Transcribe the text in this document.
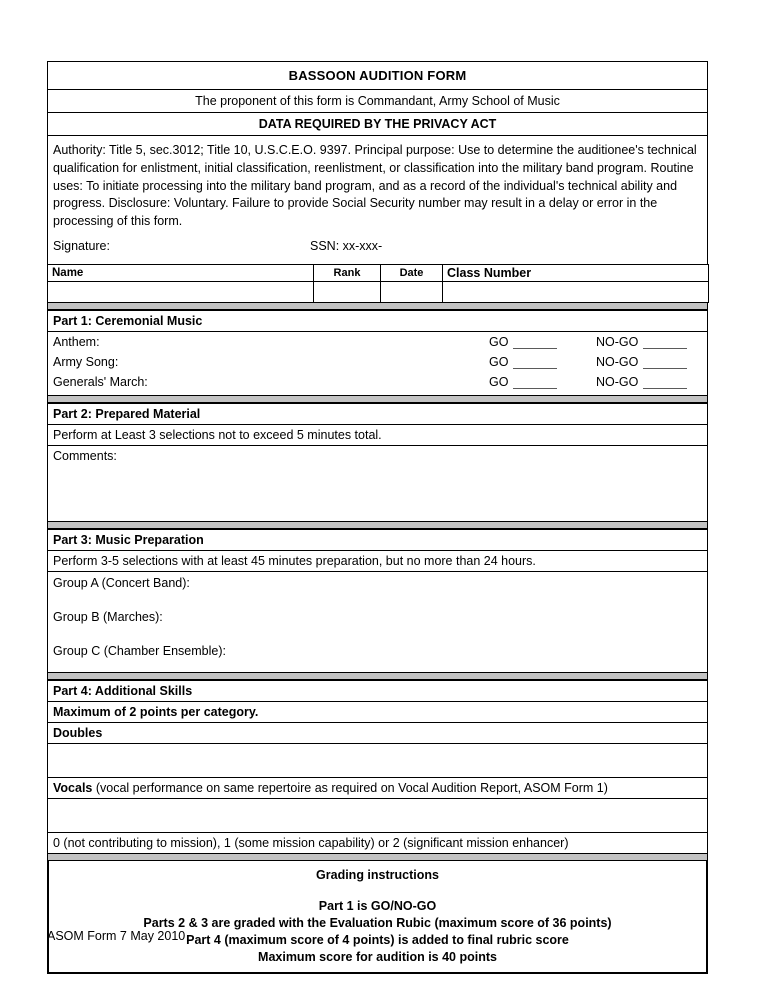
BASSOON AUDITION FORM

The proponent of this form is Commandant, Army School of Music

DATA REQUIRED BY THE PRIVACY ACT

Authority: Title 5, sec.3012; Title 10, U.S.C.E.O. 9397. Principal purpose: Use to determine the auditionee's technical qualification for enlistment, initial classification, reenlistment, or classification into the military band program. Routine uses: To initiate processing into the military band program, and as a record of the individual's technical ability and progress. Disclosure: Voluntary. Failure to provide Social Security number may result in a delay or error in the processing of this form.
Signature:	SSN: xx-xxx-
Name	Rank	Date	Class Number

Part 1: Ceremonial Music
Anthem:	GO	NO-GO
Army Song:	GO	NO-GO
Generals' March:	GO	NO-GO
Part 2: Prepared Material
Perform at Least 3 selections not to exceed 5 minutes total.
Comments:
Part 3: Music Preparation
Perform 3-5 selections with at least 45 minutes preparation, but no more than 24 hours.
Group A (Concert Band):
Group B (Marches):
Group C (Chamber Ensemble):
Part 4: Additional Skills
Maximum of 2 points per category.
Doubles

Vocals (vocal performance on same repertoire as required on Vocal Audition Report, ASOM Form 1)

0 (not contributing to mission), 1 (some mission capability) or 2 (significant mission enhancer)
Grading instructions
Part 1 is GO/NO-GO
Parts 2 & 3 are graded with the Evaluation Rubic (maximum score of 36 points)
Part 4 (maximum score of 4 points) is added to final rubric score
Maximum score for audition is 40 points
ASOM Form 7 May 2010
